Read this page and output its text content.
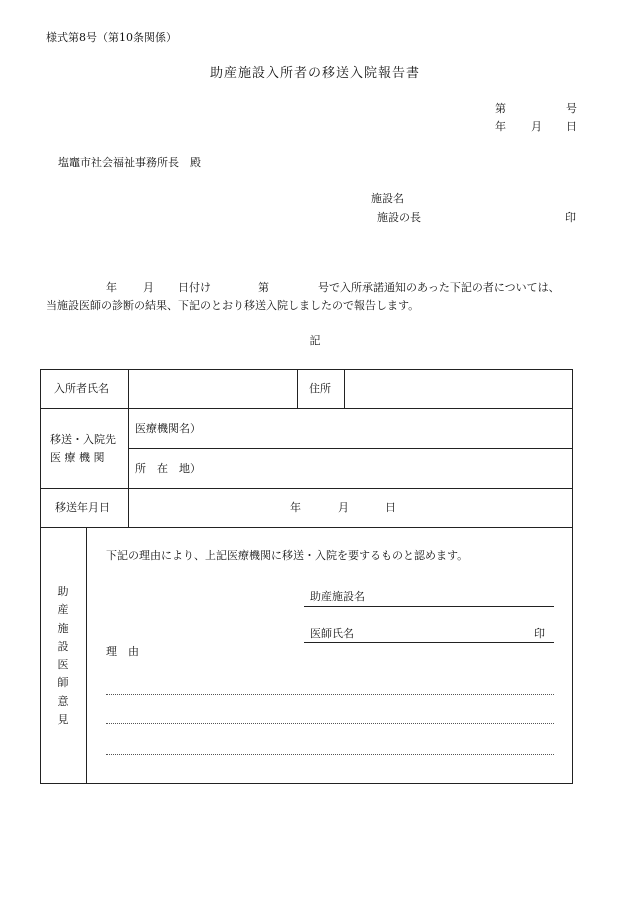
様式第8号（第10条関係）
助産施設入所者の移送入院報告書
第	号
年 月 日
塩竈市社会福祉事務所長　殿
施設名
施設の長	印
年 月 日付け	第	号で入所承諾通知のあった下記の者については、
当施設医師の診断の結果、下記のとおり移送入院しましたので報告します。
記
入所者氏名	住所
移送・入院先
医 療 機 関
医療機関名）
所　在　地）
移送年月日	年	月	日
助
産
施
設
医
師
意
見
下記の理由により、上記医療機関に移送・入院を要するものと認めます。
助産施設名
医師氏名	印
理　由
